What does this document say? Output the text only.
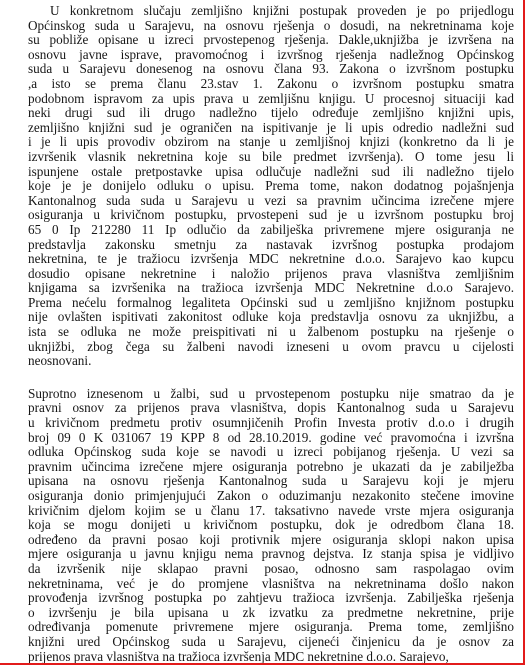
U konkretnom slučaju zemljišno knjižni postupak proveden je po prijedlogu
Općinskog suda u Sarajevu, na osnovu rješenja o dosudi, na nekretninama koje
su pobliže opisane u izreci prvostepenog rješenja. Dakle,uknjižba je izvršena na
osnovu javne isprave, pravomoćnog i izvršnog rješenja nadležnog Općinskog
suda u Sarajevu donesenog na osnovu člana 93. Zakona o izvršnom postupku
,a isto se prema članu 23.stav 1. Zakonu o izvršnom postupku smatra
podobnom ispravom za upis prava u zemljišnu knjigu. U procesnoj situaciji kad
neki drugi sud ili drugo nadležno tijelo određuje zemljišno knjižni upis,
zemljišno knjižni sud je ograničen na ispitivanje je li upis odredio nadležni sud
i je li upis provodiv obzirom na stanje u zemljišnoj knjizi (konkretno da li je
izvršenik vlasnik nekretnina koje su bile predmet izvršenja). O tome jesu li
ispunjene ostale pretpostavke upisa odlučuje nadležni sud ili nadležno tijelo
koje je je donijelo odluku o upisu. Prema tome, nakon dodatnog pojašnjenja
Kantonalnog suda suda u Sarajevu u vezi sa pravnim učincima izrečene mjere
osiguranja u krivičnom postupku, prvostepeni sud je u izvršnom postupku broj
65 0 Ip 212280 11 Ip odlučio da zabilješka privremene mjere osiguranja ne
predstavlja zakonsku smetnju za nastavak izvršnog postupka prodajom
nekretnina, te je tražiocu izvršenja MDC nekretnine d.o.o. Sarajevo kao kupcu
dosudio opisane nekretnine i naložio prijenos prava vlasništva zemljišnim
knjigama sa izvršenika na tražioca izvršenja MDC Nekretnine d.o.o Sarajevo.
Prema nećelu formalnog legaliteta Općinski sud u zemljišno knjižnom postupku
nije ovlašten ispitivati zakonitost odluke koja predstavlja osnovu za uknjižbu, a
ista se odluka ne može preispitivati ni u žalbenom postupku na rješenje o
uknjižbi, zbog čega su žalbeni navodi izneseni u ovom pravcu u cijelosti
neosnovani.
Suprotno iznesenom u žalbi, sud u prvostepenom postupku nije smatrao da je
pravni osnov za prijenos prava vlasništva, dopis Kantonalnog suda u Sarajevu
u krivičnom predmetu protiv osumnjičenih Profin Investa protiv d.o.o i drugih
broj 09 0 K 031067 19 KPP 8 od 28.10.2019. godine već pravomoćna i izvršna
odluka Općinskog suda koje se navodi u izreci pobijanog rješenja. U vezi sa
pravnim učincima izrečene mjere osiguranja potrebno je ukazati da je zabilježba
upisana na osnovu rješenja Kantonalnog suda u Sarajevu koji je mjeru
osiguranja donio primjenjujući Zakon o oduzimanju nezakonito stečene imovine
krivičnim djelom kojim se u članu 17. taksativno navede vrste mjera osiguranja
koja se mogu donijeti u krivičnom postupku, dok je odredbom člana 18.
određeno da pravni posao koji protivnik mjere osiguranja sklopi nakon upisa
mjere osiguranja u javnu knjigu nema pravnog dejstva. Iz stanja spisa je vidljivo
da izvršenik nije sklapao pravni posao, odnosno sam raspolagao ovim
nekretninama, već je do promjene vlasništva na nekretninama došlo nakon
provođenja izvršnog postupka po zahtjevu tražioca izvršenja. Zabilješka rješenja
o izvršenju je bila upisana u zk izvatku za predmetne nekretnine, prije
određivanja pomenute privremene mjere osiguranja. Prema tome, zemljišno
knjižni ured Općinskog suda u Sarajevu, cijeneći činjenicu da je osnov za
prijenos prava vlasništva na tražioca izvršenja MDC nekretnine d.o.o. Sarajevo,
